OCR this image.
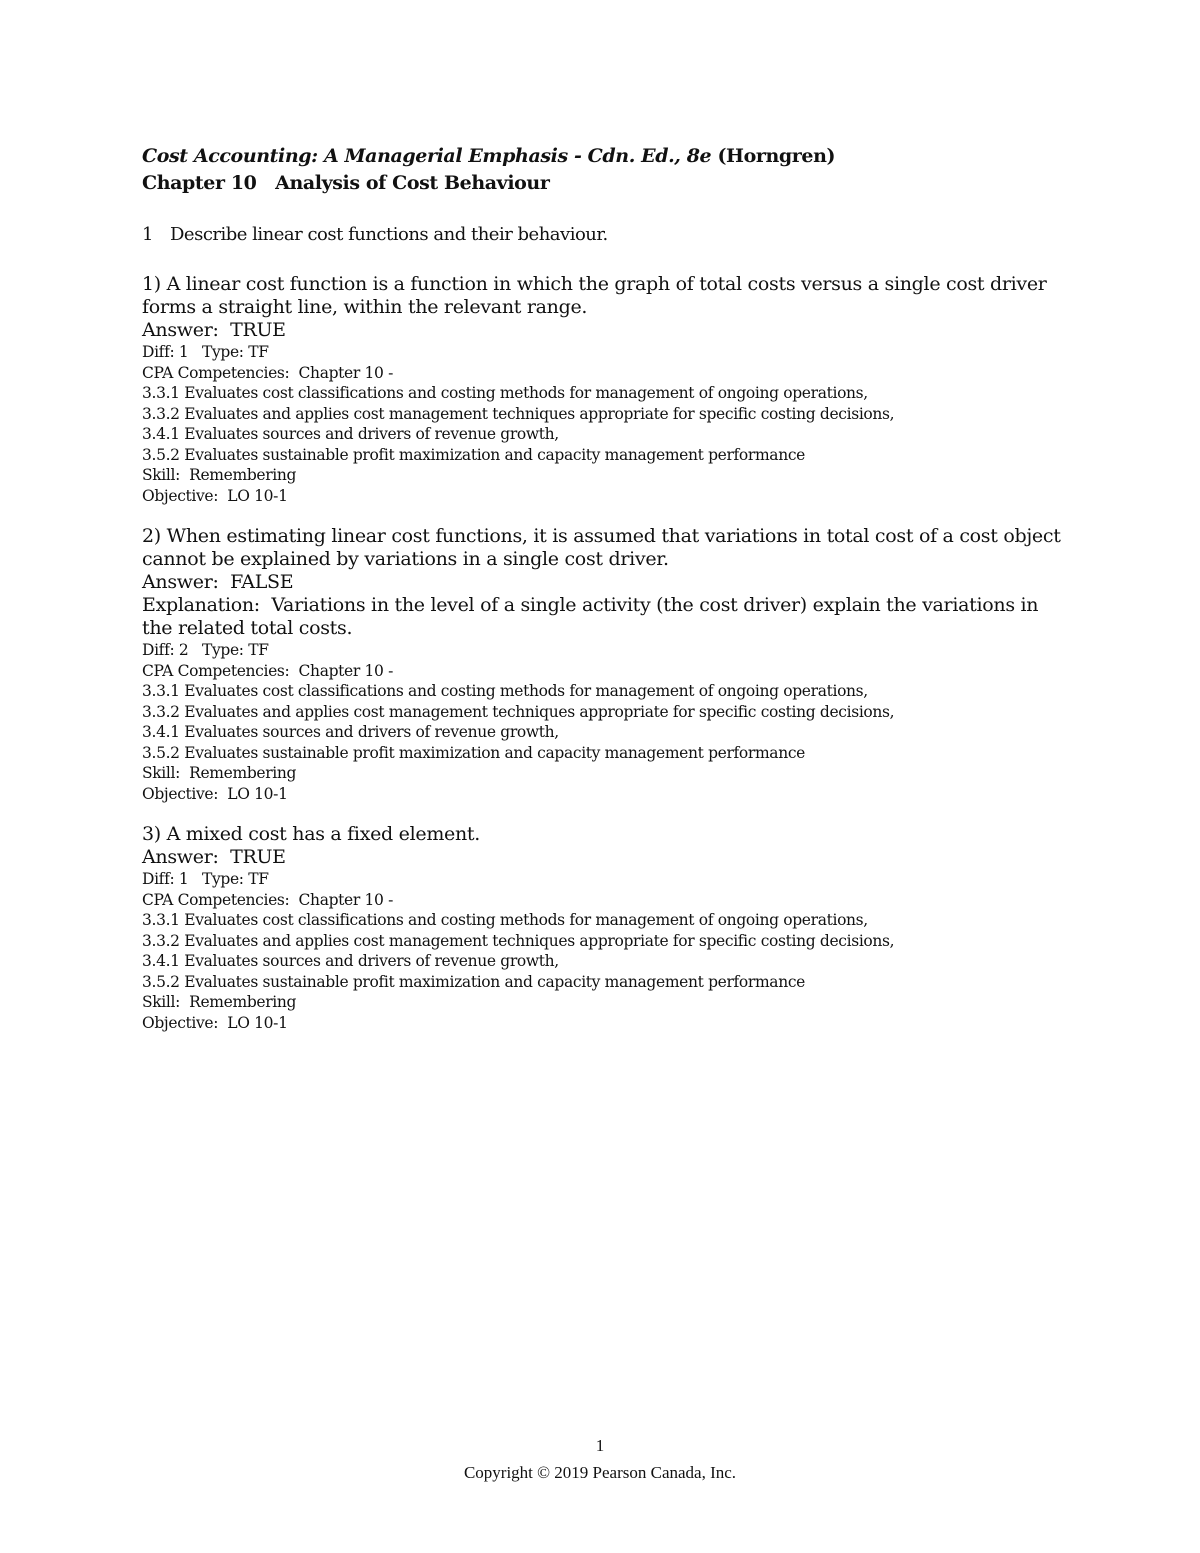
Cost Accounting: A Managerial Emphasis - Cdn. Ed., 8e (Horngren)
Chapter 10   Analysis of Cost Behaviour
1 Describe linear cost functions and their behaviour.
1) A linear cost function is a function in which the graph of total costs versus a single cost driver forms a straight line, within the relevant range.
Answer:  TRUE
Diff: 1 Type: TF
CPA Competencies:  Chapter 10 -
3.3.1 Evaluates cost classifications and costing methods for management of ongoing operations,
3.3.2 Evaluates and applies cost management techniques appropriate for specific costing decisions,
3.4.1 Evaluates sources and drivers of revenue growth,
3.5.2 Evaluates sustainable profit maximization and capacity management performance
Skill:  Remembering
Objective:  LO 10-1
2) When estimating linear cost functions, it is assumed that variations in total cost of a cost object cannot be explained by variations in a single cost driver.
Answer:  FALSE
Explanation:  Variations in the level of a single activity (the cost driver) explain the variations in the related total costs.
Diff: 2 Type: TF
CPA Competencies:  Chapter 10 -
3.3.1 Evaluates cost classifications and costing methods for management of ongoing operations,
3.3.2 Evaluates and applies cost management techniques appropriate for specific costing decisions,
3.4.1 Evaluates sources and drivers of revenue growth,
3.5.2 Evaluates sustainable profit maximization and capacity management performance
Skill:  Remembering
Objective:  LO 10-1
3) A mixed cost has a fixed element.
Answer:  TRUE
Diff: 1 Type: TF
CPA Competencies:  Chapter 10 -
3.3.1 Evaluates cost classifications and costing methods for management of ongoing operations,
3.3.2 Evaluates and applies cost management techniques appropriate for specific costing decisions,
3.4.1 Evaluates sources and drivers of revenue growth,
3.5.2 Evaluates sustainable profit maximization and capacity management performance
Skill:  Remembering
Objective:  LO 10-1
1
Copyright © 2019 Pearson Canada, Inc.
